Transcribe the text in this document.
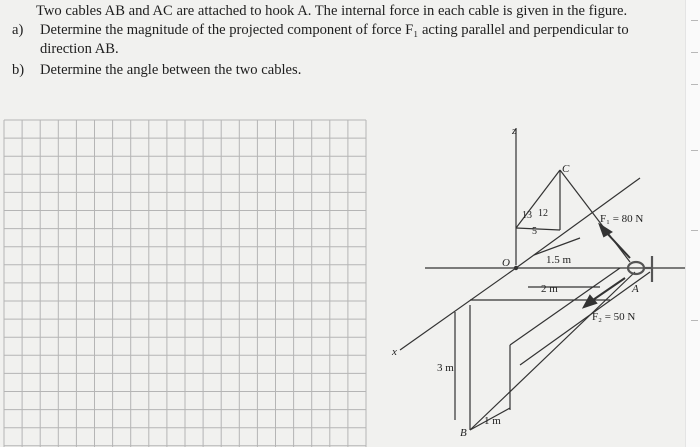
Two cables AB and AC are attached to hook A. The internal force in each cable is given in the figure.
a) Determine the magnitude of the projected component of force F₁ acting parallel and perpendicular to direction AB.
b) Determine the angle between the two cables.
z
x
O
C
A
B
F₁ = 80 N
F₂ = 50 N
1.5 m
2 m
3 m
1 m
13 12
5
